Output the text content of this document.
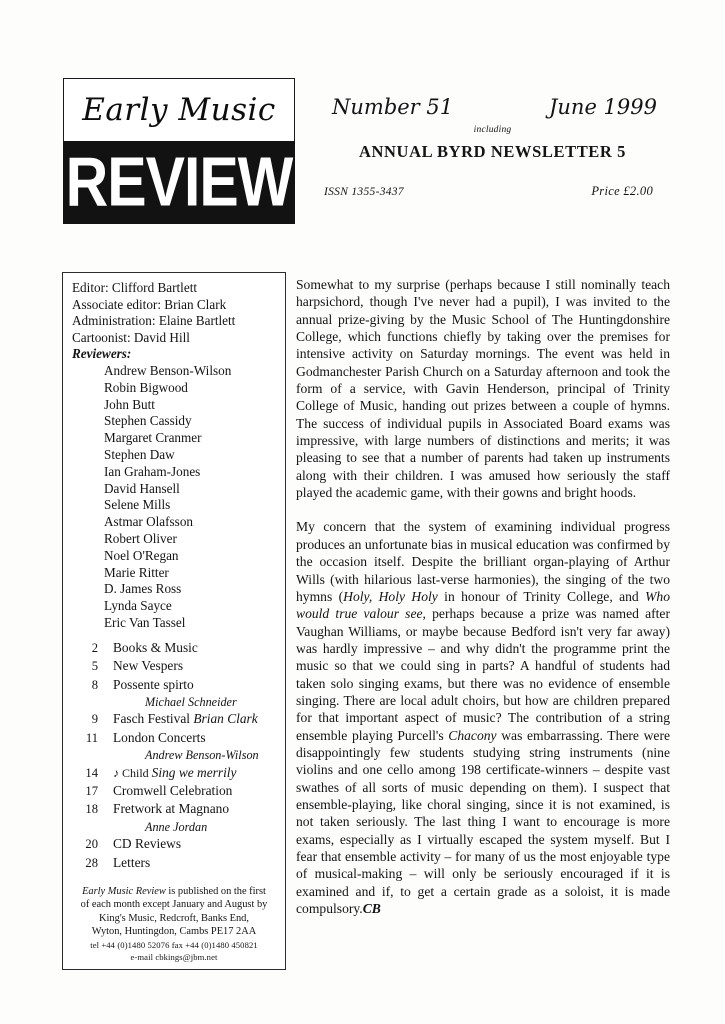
Early Music
REVIEW
Number 51	June 1999
including
ANNUAL BYRD NEWSLETTER 5
ISSN 1355-3437	Price £2.00
Editor: Clifford Bartlett
Associate editor: Brian Clark
Administration: Elaine Bartlett
Cartoonist: David Hill
Reviewers:
Andrew Benson-Wilson
Robin Bigwood
John Butt
Stephen Cassidy
Margaret Cranmer
Stephen Daw
Ian Graham-Jones
David Hansell
Selene Mills
Astmar Olafsson
Robert Oliver
Noel O'Regan
Marie Ritter
D. James Ross
Lynda Sayce
Eric Van Tassel
2	Books & Music
5	New Vespers
8	Possente spirto
Michael Schneider
9	Fasch Festival Brian Clark
11	London Concerts
Andrew Benson-Wilson
14	♪ Child Sing we merrily
17	Cromwell Celebration
18	Fretwork at Magnano
Anne Jordan
20	CD Reviews
28	Letters
Early Music Review is published on the first
of each month except January and August by
King's Music, Redcroft, Banks End,
Wyton, Huntingdon, Cambs PE17 2AA
tel +44 (0)1480 52076 fax +44 (0)1480 450821
e-mail cbkings@jbm.net

Somewhat to my surprise (perhaps because I still nominally teach harpsichord, though I've never had a pupil), I was invited to the annual prize-giving by the Music School of The Huntingdonshire College, which functions chiefly by taking over the premises for intensive activity on Saturday mornings. The event was held in Godmanchester Parish Church on a Saturday afternoon and took the form of a service, with Gavin Henderson, principal of Trinity College of Music, handing out prizes between a couple of hymns. The success of individual pupils in Associated Board exams was impressive, with large numbers of distinctions and merits; it was pleasing to see that a number of parents had taken up instruments along with their children. I was amused how seriously the staff played the academic game, with their gowns and bright hoods.

My concern that the system of examining individual progress produces an unfortunate bias in musical education was confirmed by the occasion itself. Despite the brilliant organ-playing of Arthur Wills (with hilarious last-verse harmonies), the singing of the two hymns (Holy, Holy Holy in honour of Trinity College, and Who would true valour see, perhaps because a prize was named after Vaughan Williams, or maybe because Bedford isn't very far away) was hardly impressive – and why didn't the programme print the music so that we could sing in parts? A handful of students had taken solo singing exams, but there was no evidence of ensemble singing. There are local adult choirs, but how are children prepared for that important aspect of music? The contribution of a string ensemble playing Purcell's Chacony was embarrassing. There were disappointingly few students studying string instruments (nine violins and one cello among 198 certificate-winners – despite vast swathes of all sorts of music depending on them). I suspect that ensemble-playing, like choral singing, since it is not examined, is not taken seriously. The last thing I want to encourage is more exams, especially as I virtually escaped the system myself. But I fear that ensemble activity – for many of us the most enjoyable type of musical-making – will only be seriously encouraged if it is examined and if, to get a certain grade as a soloist, it is made compulsory.CB
